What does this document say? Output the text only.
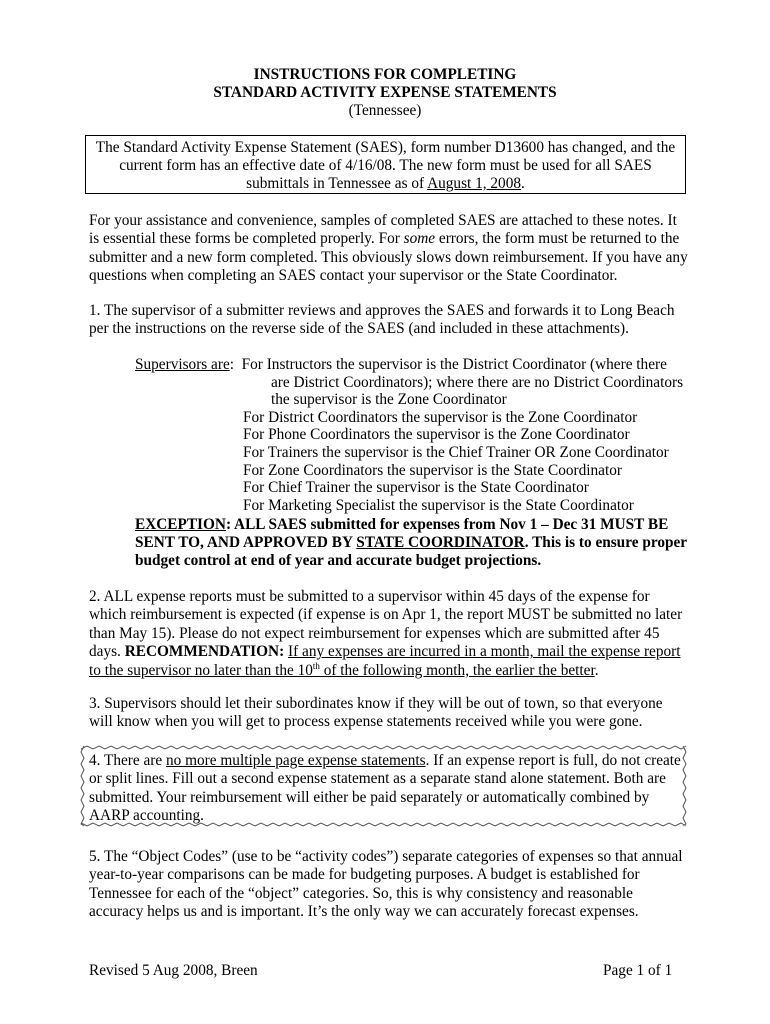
INSTRUCTIONS FOR COMPLETING
STANDARD ACTIVITY EXPENSE STATEMENTS
(Tennessee)
The Standard Activity Expense Statement (SAES), form number D13600 has changed, and the current form has an effective date of 4/16/08. The new form must be used for all SAES submittals in Tennessee as of August 1, 2008.
For your assistance and convenience, samples of completed SAES are attached to these notes. It is essential these forms be completed properly. For some errors, the form must be returned to the submitter and a new form completed. This obviously slows down reimbursement. If you have any questions when completing an SAES contact your supervisor or the State Coordinator.
1. The supervisor of a submitter reviews and approves the SAES and forwards it to Long Beach per the instructions on the reverse side of the SAES (and included in these attachments).
Supervisors are: For Instructors the supervisor is the District Coordinator (where there
are District Coordinators); where there are no District Coordinators
the supervisor is the Zone Coordinator
For District Coordinators the supervisor is the Zone Coordinator
For Phone Coordinators the supervisor is the Zone Coordinator
For Trainers the supervisor is the Chief Trainer OR Zone Coordinator
For Zone Coordinators the supervisor is the State Coordinator
For Chief Trainer the supervisor is the State Coordinator
For Marketing Specialist the supervisor is the State Coordinator
EXCEPTION: ALL SAES submitted for expenses from Nov 1 – Dec 31 MUST BE SENT TO, AND APPROVED BY STATE COORDINATOR. This is to ensure proper budget control at end of year and accurate budget projections.
2. ALL expense reports must be submitted to a supervisor within 45 days of the expense for which reimbursement is expected (if expense is on Apr 1, the report MUST be submitted no later than May 15). Please do not expect reimbursement for expenses which are submitted after 45 days. RECOMMENDATION: If any expenses are incurred in a month, mail the expense report to the supervisor no later than the 10th of the following month, the earlier the better.
3. Supervisors should let their subordinates know if they will be out of town, so that everyone will know when you will get to process expense statements received while you were gone.
4. There are no more multiple page expense statements. If an expense report is full, do not create or split lines. Fill out a second expense statement as a separate stand alone statement. Both are submitted. Your reimbursement will either be paid separately or automatically combined by AARP accounting.
5. The “Object Codes” (use to be “activity codes”) separate categories of expenses so that annual year-to-year comparisons can be made for budgeting purposes. A budget is established for Tennessee for each of the “object” categories. So, this is why consistency and reasonable accuracy helps us and is important. It’s the only way we can accurately forecast expenses.
Revised 5 Aug 2008, Breen	Page 1 of 1
